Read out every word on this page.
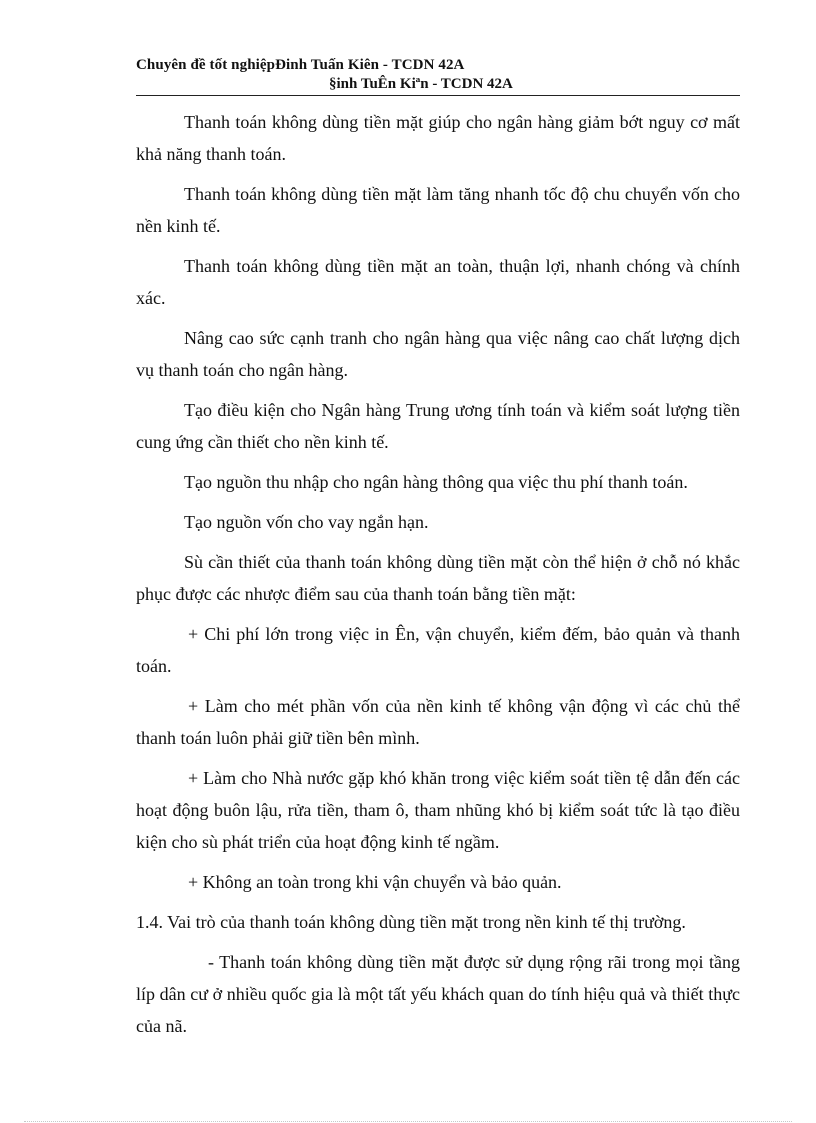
Chuyên đề tốt nghiệpĐinh Tuấn Kiên - TCDN 42A
§inh TuÊn Kiªn - TCDN 42A

Thanh toán không dùng tiền mặt giúp cho ngân hàng giảm bớt nguy cơ mất khả năng thanh toán.

Thanh toán không dùng tiền mặt làm tăng nhanh tốc độ chu chuyển vốn cho nền kinh tế.

Thanh toán không dùng tiền mặt an toàn, thuận lợi, nhanh chóng và chính xác.

Nâng cao sức cạnh tranh cho ngân hàng qua việc nâng cao chất lượng dịch vụ thanh toán cho ngân hàng.

Tạo điều kiện cho Ngân hàng Trung ương tính toán và kiểm soát lượng tiền cung ứng cần thiết cho nền kinh tế.

Tạo nguồn thu nhập cho ngân hàng thông qua việc thu phí thanh toán.

Tạo nguồn vốn cho vay ngắn hạn.

Sù cần thiết của thanh toán không dùng tiền mặt còn thể hiện ở chỗ nó khắc phục được các nhược điểm sau của thanh toán bằng tiền mặt:

+ Chi phí lớn trong việc in Ên, vận chuyển, kiểm đếm, bảo quản và thanh toán.

+ Làm cho mét phần vốn của nền kinh tế không vận động vì các chủ thể thanh toán luôn phải giữ tiền bên mình.

+ Làm cho Nhà nước gặp khó khăn trong việc kiểm soát tiền tệ dẫn đến các hoạt động buôn lậu, rửa tiền, tham ô, tham nhũng khó bị kiểm soát tức là tạo điều kiện cho sù phát triển của hoạt động kinh tế ngầm.

+ Không an toàn trong khi vận chuyển và bảo quản.

1.4. Vai trò của thanh toán không dùng tiền mặt trong nền kinh tế thị trường.

- Thanh toán không dùng tiền mặt được sử dụng rộng rãi trong mọi tầng líp dân cư ở nhiều quốc gia là một tất yếu khách quan do tính hiệu quả và thiết thực của nã.
